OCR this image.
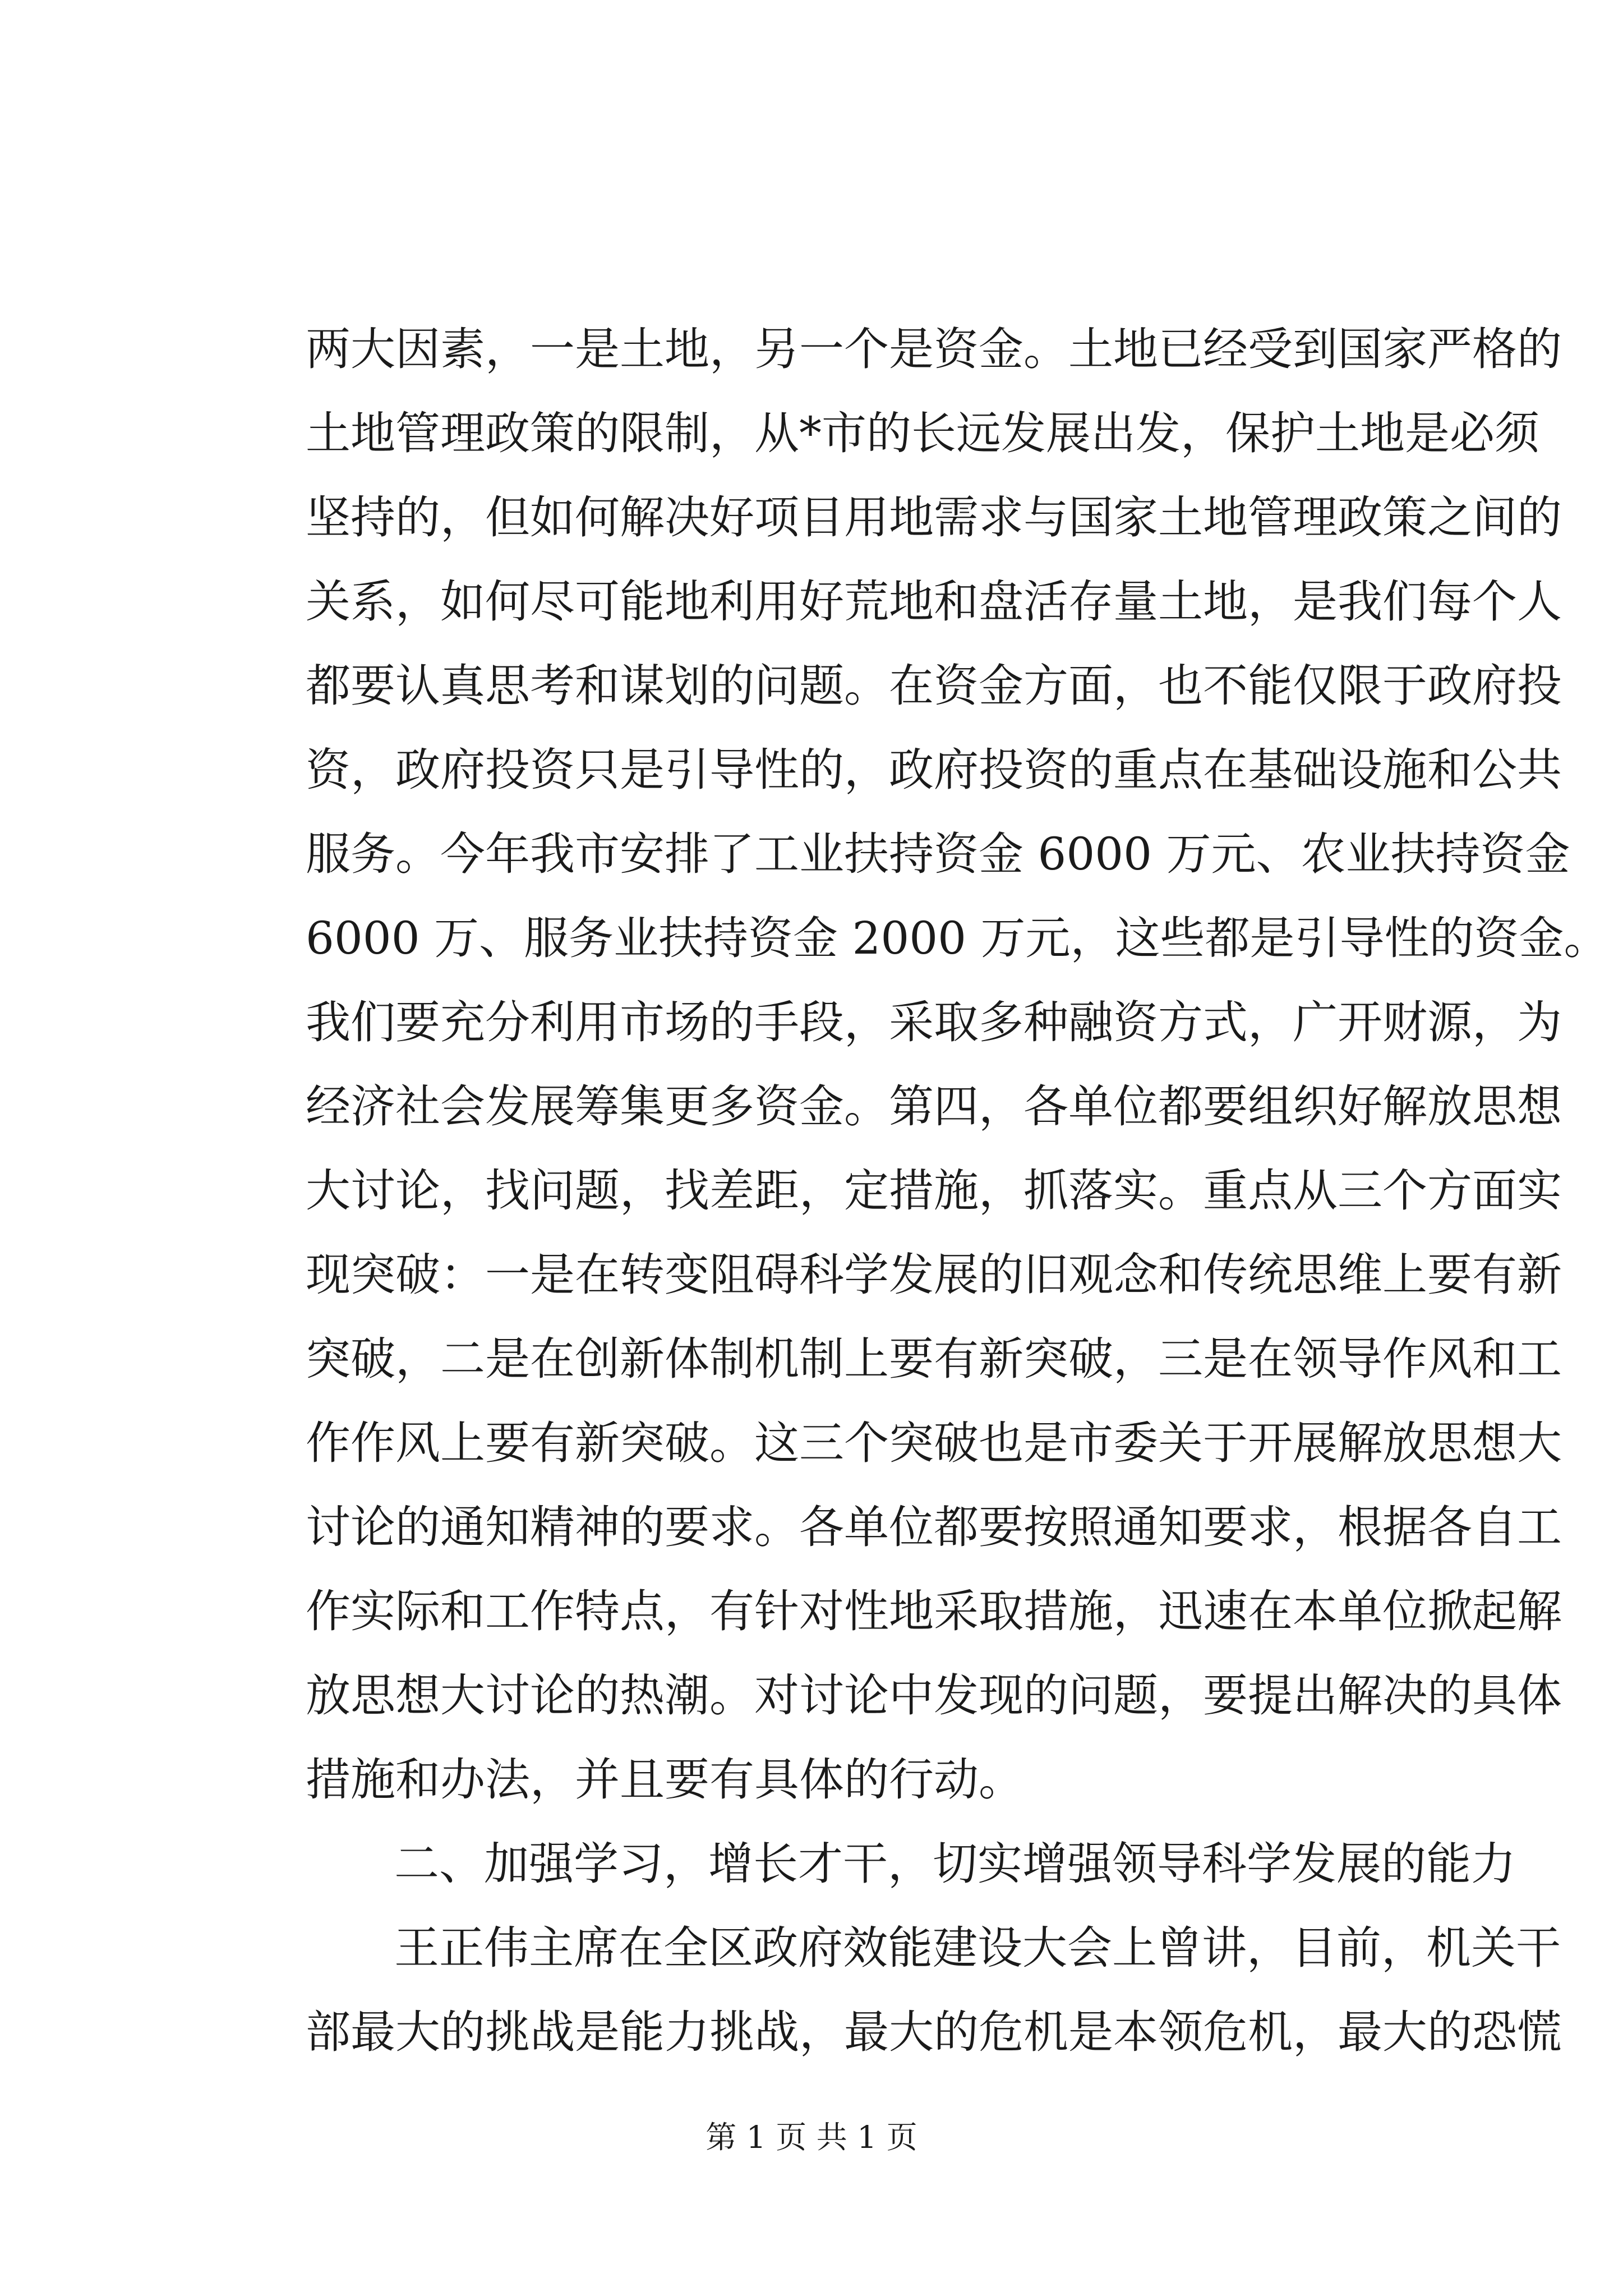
两大因素，一是土地，另一个是资金。土地已经受到国家严格的
土地管理政策的限制，从*市的长远发展出发，保护土地是必须
坚持的，但如何解决好项目用地需求与国家土地管理政策之间的
关系，如何尽可能地利用好荒地和盘活存量土地，是我们每个人
都要认真思考和谋划的问题。在资金方面，也不能仅限于政府投
资，政府投资只是引导性的，政府投资的重点在基础设施和公共
服务。今年我市安排了工业扶持资金 6000 万元、农业扶持资金
6000 万、服务业扶持资金 2000 万元，这些都是引导性的资金。
我们要充分利用市场的手段，采取多种融资方式，广开财源，为
经济社会发展筹集更多资金。第四，各单位都要组织好解放思想
大讨论，找问题，找差距，定措施，抓落实。重点从三个方面实
现突破：一是在转变阻碍科学发展的旧观念和传统思维上要有新
突破，二是在创新体制机制上要有新突破，三是在领导作风和工
作作风上要有新突破。这三个突破也是市委关于开展解放思想大
讨论的通知精神的要求。各单位都要按照通知要求，根据各自工
作实际和工作特点，有针对性地采取措施，迅速在本单位掀起解
放思想大讨论的热潮。对讨论中发现的问题，要提出解决的具体
措施和办法，并且要有具体的行动。
二、加强学习，增长才干，切实增强领导科学发展的能力
王正伟主席在全区政府效能建设大会上曾讲，目前，机关干
部最大的挑战是能力挑战，最大的危机是本领危机，最大的恐慌
第 1 页 共 1 页
